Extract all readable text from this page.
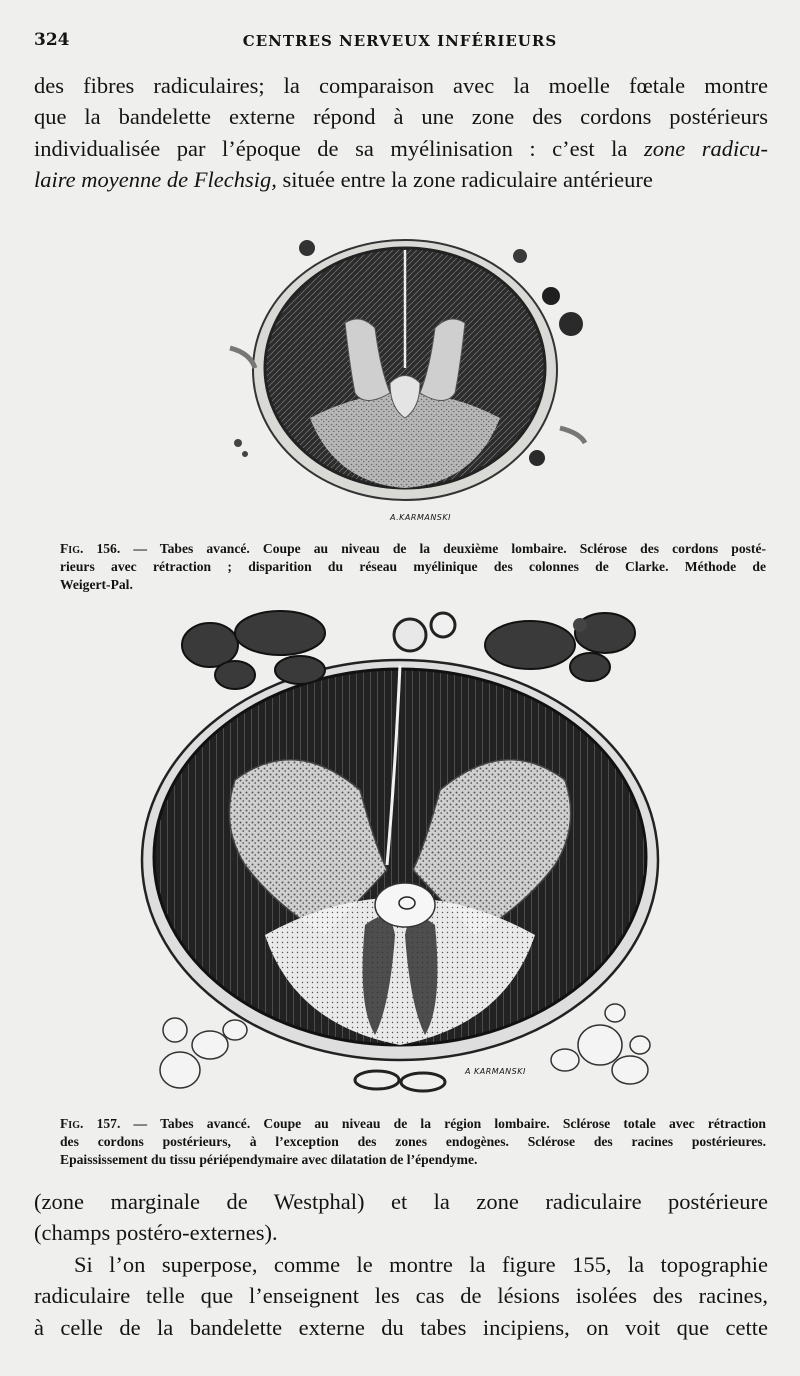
324	CENTRES NERVEUX INFÉRIEURS
des fibres radiculaires; la comparaison avec la moelle fœtale montre
que la bandelette externe répond à une zone des cordons postérieurs
individualisée par l’époque de sa myélinisation : c’est la zone radicu-
laire moyenne de Flechsig, située entre la zone radiculaire antérieure
A.KARMANSKI
Fig. 156. — Tabes avancé. Coupe au niveau de la deuxième lombaire. Sclérose des cordons posté-
rieurs avec rétraction ; disparition du réseau myélinique des colonnes de Clarke. Méthode de
Weigert-Pal.
A KARMANSKI
Fig. 157. — Tabes avancé. Coupe au niveau de la région lombaire. Sclérose totale avec rétraction
des cordons postérieurs, à l’exception des zones endogènes. Sclérose des racines postérieures.
Epaississement du tissu périépendymaire avec dilatation de l’épendyme.
(zone marginale de Westphal) et la zone radiculaire postérieure
(champs postéro-externes).
Si l’on superpose, comme le montre la figure 155, la topographie
radiculaire telle que l’enseignent les cas de lésions isolées des racines,
à celle de la bandelette externe du tabes incipiens, on voit que cette
